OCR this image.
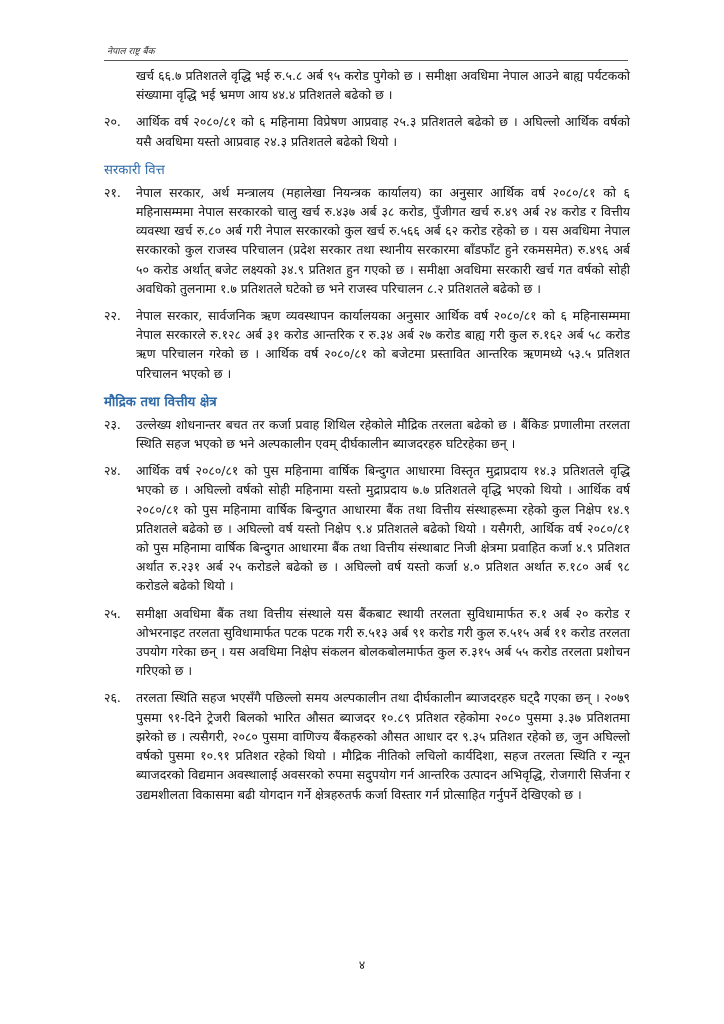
नेपाल राष्ट्र बैंक

खर्च ६६.७ प्रतिशतले वृद्धि भई रु.५.८ अर्ब ९५ करोड पुगेको छ । समीक्षा अवधिमा नेपाल आउने बाह्य पर्यटकको संख्यामा वृद्धि भई भ्रमण आय ४४.४ प्रतिशतले बढेको छ ।

२०.	आर्थिक वर्ष २०८०/८१ को ६ महिनामा विप्रेषण आप्रवाह २५.३ प्रतिशतले बढेको छ । अघिल्लो आर्थिक वर्षको यसै अवधिमा यस्तो आप्रवाह २४.३ प्रतिशतले बढेको थियो ।

सरकारी वित्त
२१.	नेपाल सरकार, अर्थ मन्त्रालय (महालेखा नियन्त्रक कार्यालय) का अनुसार आर्थिक वर्ष २०८०/८१ को ६ महिनासम्ममा नेपाल सरकारको चालु खर्च रु.४३७ अर्ब ३८ करोड, पुँजीगत खर्च रु.४९ अर्ब २४ करोड र वित्तीय व्यवस्था खर्च रु.८० अर्ब गरी नेपाल सरकारको कुल खर्च रु.५६६ अर्ब ६२ करोड रहेको छ । यस अवधिमा नेपाल सरकारको कुल राजस्व परिचालन (प्रदेश सरकार तथा स्थानीय सरकारमा बाँडफाँट हुने रकमसमेत) रु.४९६ अर्ब ५० करोड अर्थात् बजेट लक्ष्यको ३४.९ प्रतिशत हुन गएको छ । समीक्षा अवधिमा सरकारी खर्च गत वर्षको सोही अवधिको तुलनामा १.७ प्रतिशतले घटेको छ भने राजस्व परिचालन ८.२ प्रतिशतले बढेको छ ।

२२.	नेपाल सरकार, सार्वजनिक ऋण व्यवस्थापन कार्यालयका अनुसार आर्थिक वर्ष २०८०/८१ को ६ महिनासम्ममा नेपाल सरकारले रु.१२८ अर्ब ३१ करोड आन्तरिक र रु.३४ अर्ब २७ करोड बाह्य गरी कुल रु.१६२ अर्ब ५८ करोड ऋण परिचालन गरेको छ । आर्थिक वर्ष २०८०/८१ को बजेटमा प्रस्तावित आन्तरिक ऋणमध्ये ५३.५ प्रतिशत परिचालन भएको छ ।

मौद्रिक तथा वित्तीय क्षेत्र
२३.	उल्लेख्य शोधनान्तर बचत तर कर्जा प्रवाह शिथिल रहेकोले मौद्रिक तरलता बढेको छ । बैंकिङ प्रणालीमा तरलता स्थिति सहज भएको छ भने अल्पकालीन एवम् दीर्घकालीन ब्याजदरहरु घटिरहेका छन् ।

२४.	आर्थिक वर्ष २०८०/८१ को पुस महिनामा वार्षिक बिन्दुगत आधारमा विस्तृत मुद्राप्रदाय १४.३ प्रतिशतले वृद्धि भएको छ । अघिल्लो वर्षको सोही महिनामा यस्तो मुद्राप्रदाय ७.७ प्रतिशतले वृद्धि भएको थियो । आर्थिक वर्ष २०८०/८१ को पुस महिनामा वार्षिक बिन्दुगत आधारमा बैंक तथा वित्तीय संस्थाहरूमा रहेको कुल निक्षेप १४.९ प्रतिशतले बढेको छ । अघिल्लो वर्ष यस्तो निक्षेप ९.४ प्रतिशतले बढेको थियो । यसैगरी, आर्थिक वर्ष २०८०/८१ को पुस महिनामा वार्षिक बिन्दुगत आधारमा बैंक तथा वित्तीय संस्थाबाट निजी क्षेत्रमा प्रवाहित कर्जा ४.९ प्रतिशत अर्थात रु.२३१ अर्ब २५ करोडले बढेको छ । अघिल्लो वर्ष यस्तो कर्जा ४.० प्रतिशत अर्थात रु.१८० अर्ब ९८ करोडले बढेको थियो ।

२५.	समीक्षा अवधिमा बैंक तथा वित्तीय संस्थाले यस बैंकबाट स्थायी तरलता सुविधामार्फत रु.१ अर्ब २० करोड र ओभरनाइट तरलता सुविधामार्फत पटक पटक गरी रु.५१३ अर्ब ९१ करोड गरी कुल रु.५१५ अर्ब ११ करोड तरलता उपयोग गरेका छन् । यस अवधिमा निक्षेप संकलन बोलकबोलमार्फत कुल रु.३१५ अर्ब ५५ करोड तरलता प्रशोचन गरिएको छ ।

२६.	तरलता स्थिति सहज भएसँगै पछिल्लो समय अल्पकालीन तथा दीर्घकालीन ब्याजदरहरु घट्दै गएका छन् । २०७९ पुसमा ९१-दिने ट्रेजरी बिलको भारित औसत ब्याजदर १०.८९ प्रतिशत रहेकोमा २०८० पुसमा ३.३७ प्रतिशतमा झरेको छ । त्यसैगरी, २०८० पुसमा वाणिज्य बैंकहरुको औसत आधार दर ९.३५ प्रतिशत रहेको छ, जुन अघिल्लो वर्षको पुसमा १०.९१ प्रतिशत रहेको थियो । मौद्रिक नीतिको लचिलो कार्यदिशा, सहज तरलता स्थिति र न्यून ब्याजदरको विद्यमान अवस्थालाई अवसरको रुपमा सदुपयोग गर्न आन्तरिक उत्पादन अभिवृद्धि, रोजगारी सिर्जना र उद्यमशीलता विकासमा बढी योगदान गर्ने क्षेत्रहरुतर्फ कर्जा विस्तार गर्न प्रोत्साहित गर्नुपर्ने देखिएको छ ।

४
